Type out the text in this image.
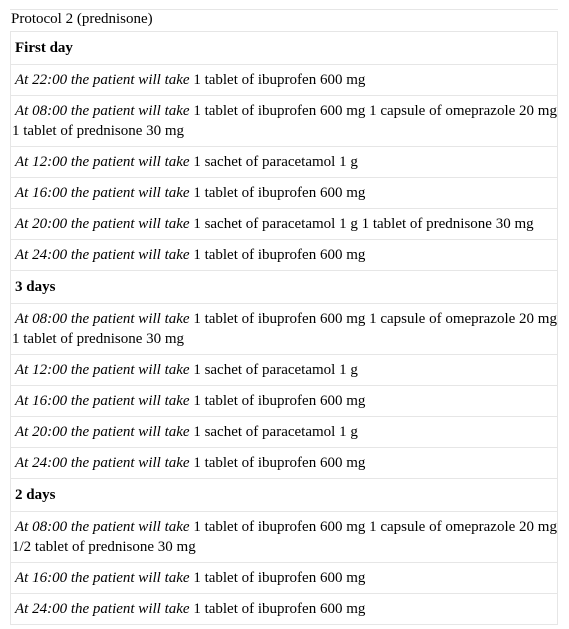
Protocol 2 (prednisone)
First day
At 22:00 the patient will take 1 tablet of ibuprofen 600 mg
At 08:00 the patient will take 1 tablet of ibuprofen 600 mg 1 capsule of omeprazole 20 mg 1 tablet of prednisone 30 mg
At 12:00 the patient will take 1 sachet of paracetamol 1 g
At 16:00 the patient will take 1 tablet of ibuprofen 600 mg
At 20:00 the patient will take 1 sachet of paracetamol 1 g 1 tablet of prednisone 30 mg
At 24:00 the patient will take 1 tablet of ibuprofen 600 mg
3 days
At 08:00 the patient will take 1 tablet of ibuprofen 600 mg 1 capsule of omeprazole 20 mg 1 tablet of prednisone 30 mg
At 12:00 the patient will take 1 sachet of paracetamol 1 g
At 16:00 the patient will take 1 tablet of ibuprofen 600 mg
At 20:00 the patient will take 1 sachet of paracetamol 1 g
At 24:00 the patient will take 1 tablet of ibuprofen 600 mg
2 days
At 08:00 the patient will take 1 tablet of ibuprofen 600 mg 1 capsule of omeprazole 20 mg 1/2 tablet of prednisone 30 mg
At 16:00 the patient will take 1 tablet of ibuprofen 600 mg
At 24:00 the patient will take 1 tablet of ibuprofen 600 mg
